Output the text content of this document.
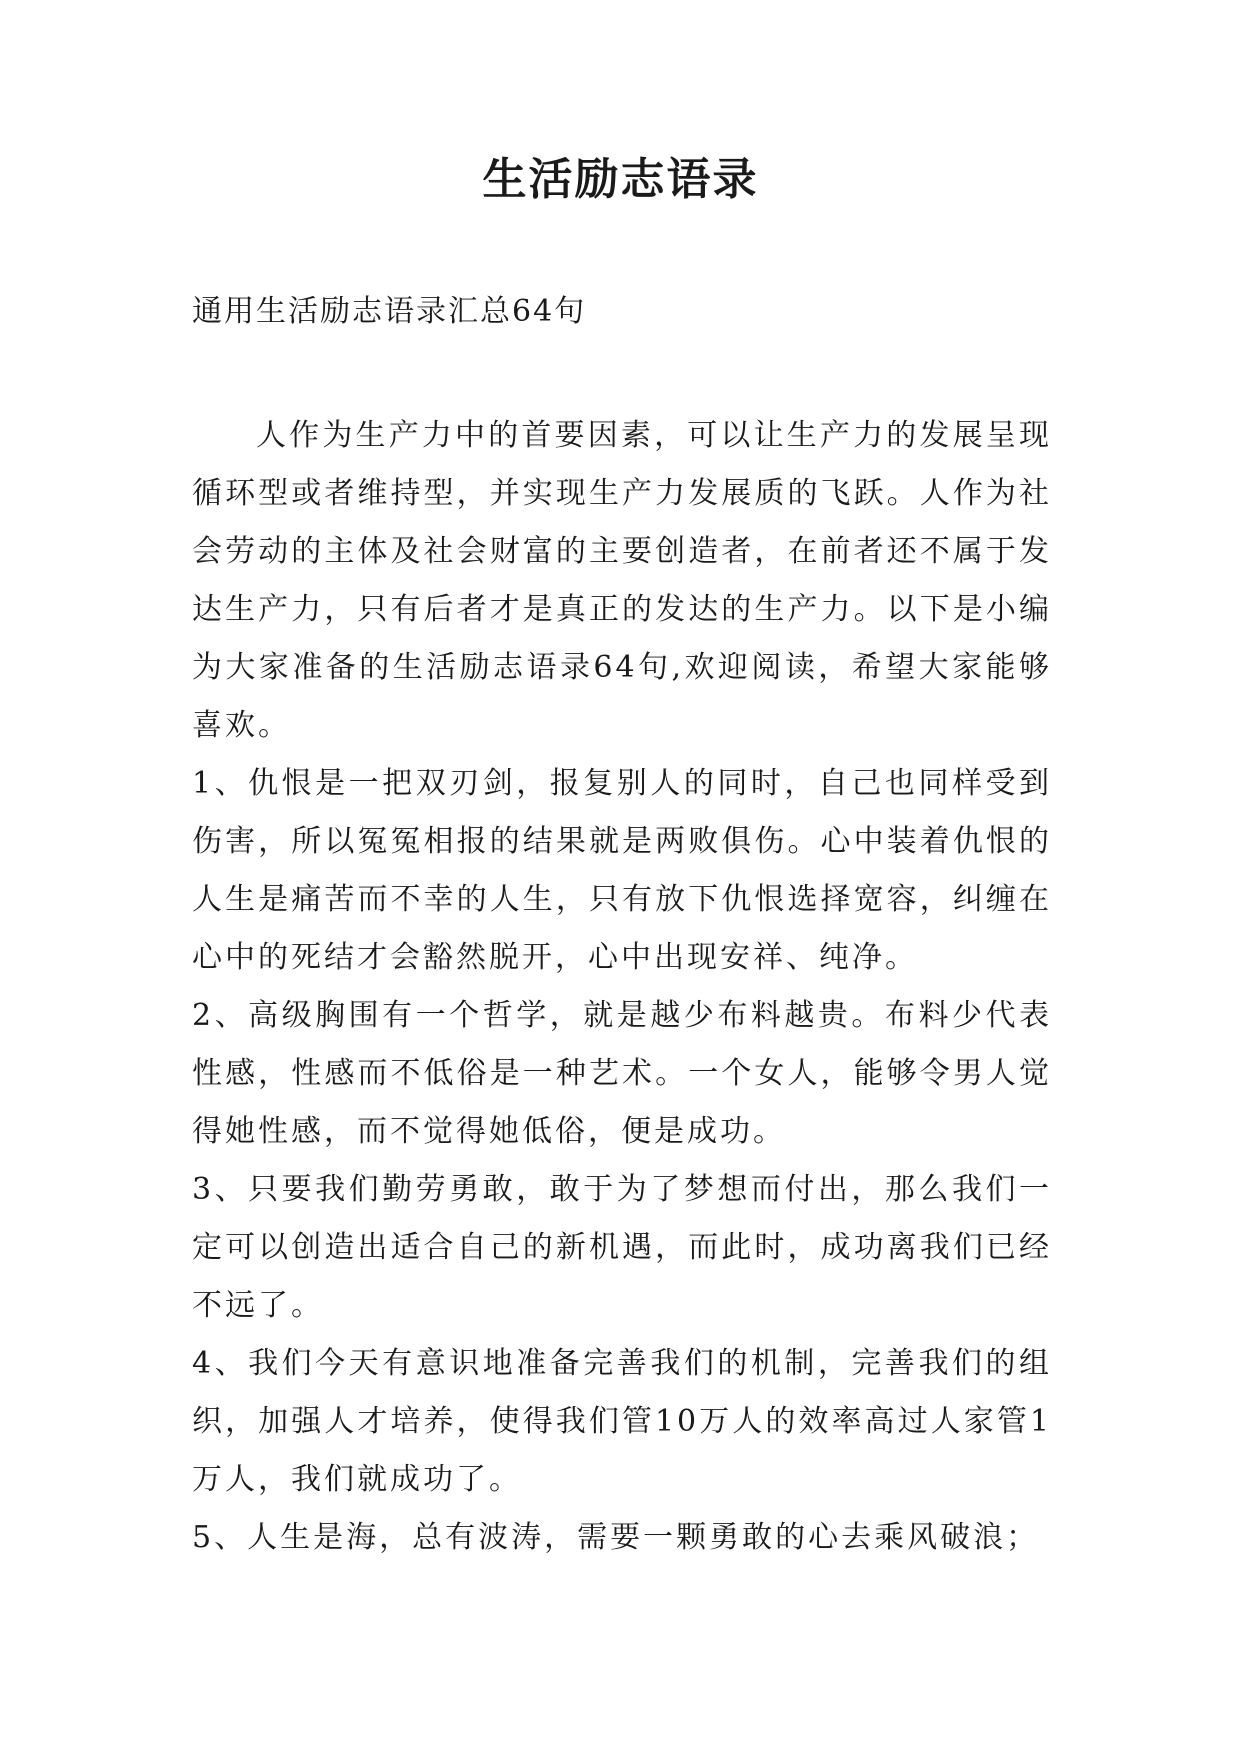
生活励志语录
通用生活励志语录汇总64句

人作为生产力中的首要因素，可以让生产力的发展呈现循环型或者维持型，并实现生产力发展质的飞跃。人作为社会劳动的主体及社会财富的主要创造者，在前者还不属于发达生产力，只有后者才是真正的发达的生产力。以下是小编为大家准备的生活励志语录64句,欢迎阅读，希望大家能够喜欢。

1、仇恨是一把双刃剑，报复别人的同时，自己也同样受到伤害，所以冤冤相报的结果就是两败俱伤。心中装着仇恨的人生是痛苦而不幸的人生，只有放下仇恨选择宽容，纠缠在心中的死结才会豁然脱开，心中出现安祥、纯净。

2、高级胸围有一个哲学，就是越少布料越贵。布料少代表性感，性感而不低俗是一种艺术。一个女人，能够令男人觉得她性感，而不觉得她低俗，便是成功。

3、只要我们勤劳勇敢，敢于为了梦想而付出，那么我们一定可以创造出适合自己的新机遇，而此时，成功离我们已经不远了。

4、我们今天有意识地准备完善我们的机制，完善我们的组织，加强人才培养，使得我们管10万人的效率高过人家管1万人，我们就成功了。

5、人生是海，总有波涛，需要一颗勇敢的心去乘风破浪；
